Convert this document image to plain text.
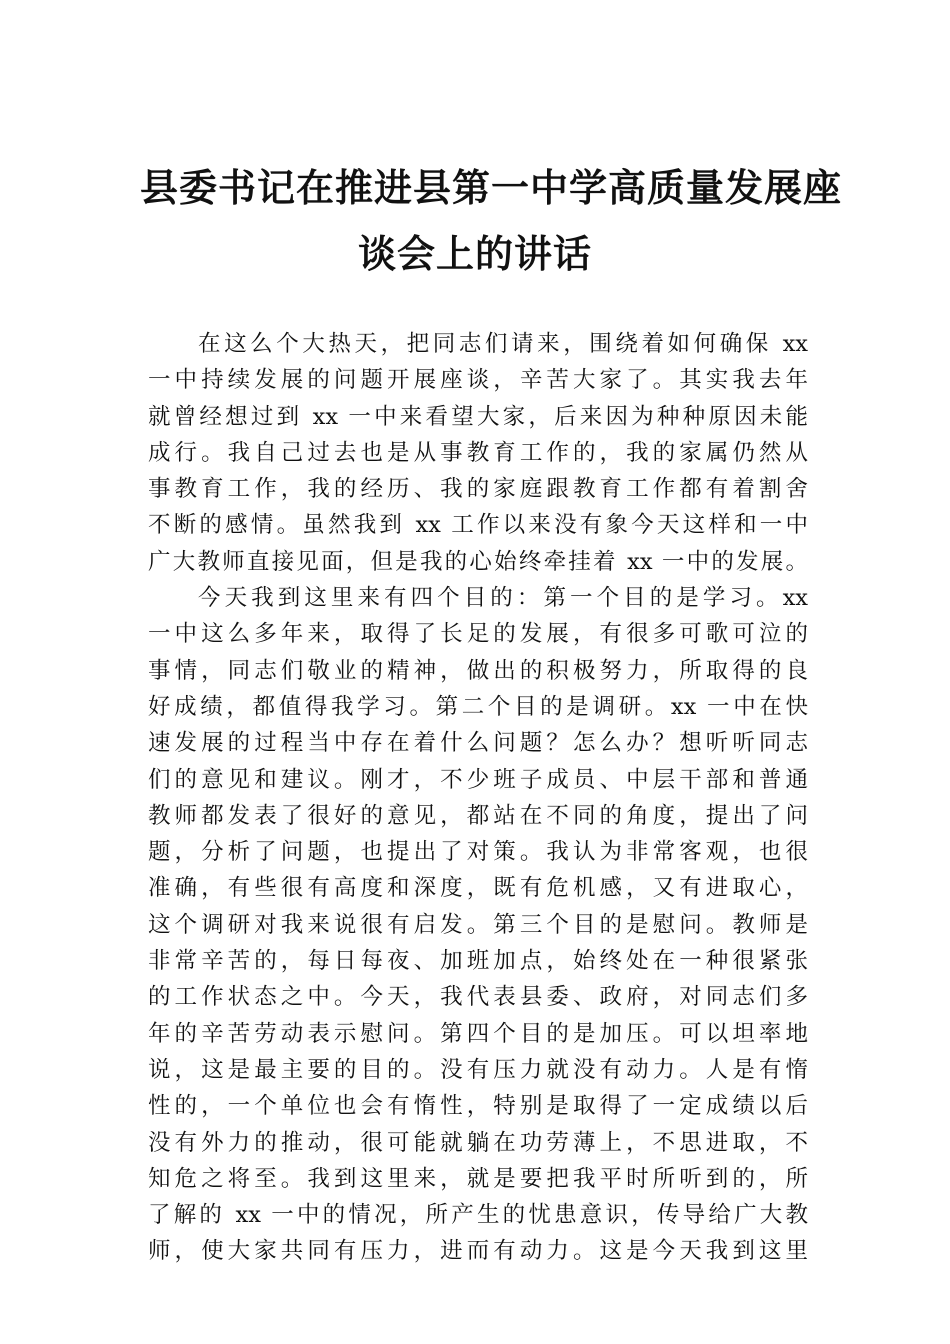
县委书记在推进县第一中学高质量发展座
谈会上的讲话
在这么个大热天，把同志们请来，围绕着如何确保 xx
一中持续发展的问题开展座谈，辛苦大家了。其实我去年
就曾经想过到 xx 一中来看望大家，后来因为种种原因未能
成行。我自己过去也是从事教育工作的，我的家属仍然从
事教育工作，我的经历、我的家庭跟教育工作都有着割舍
不断的感情。虽然我到 xx 工作以来没有象今天这样和一中
广大教师直接见面，但是我的心始终牵挂着 xx 一中的发展。
今天我到这里来有四个目的：第一个目的是学习。xx
一中这么多年来，取得了长足的发展，有很多可歌可泣的
事情，同志们敬业的精神，做出的积极努力，所取得的良
好成绩，都值得我学习。第二个目的是调研。xx 一中在快
速发展的过程当中存在着什么问题？怎么办？想听听同志
们的意见和建议。刚才，不少班子成员、中层干部和普通
教师都发表了很好的意见，都站在不同的角度，提出了问
题，分析了问题，也提出了对策。我认为非常客观，也很
准确，有些很有高度和深度，既有危机感，又有进取心，
这个调研对我来说很有启发。第三个目的是慰问。教师是
非常辛苦的，每日每夜、加班加点，始终处在一种很紧张
的工作状态之中。今天，我代表县委、政府，对同志们多
年的辛苦劳动表示慰问。第四个目的是加压。可以坦率地
说，这是最主要的目的。没有压力就没有动力。人是有惰
性的，一个单位也会有惰性，特别是取得了一定成绩以后
没有外力的推动，很可能就躺在功劳薄上，不思进取，不
知危之将至。我到这里来，就是要把我平时所听到的，所
了解的 xx 一中的情况，所产生的忧患意识，传导给广大教
师，使大家共同有压力，进而有动力。这是今天我到这里
